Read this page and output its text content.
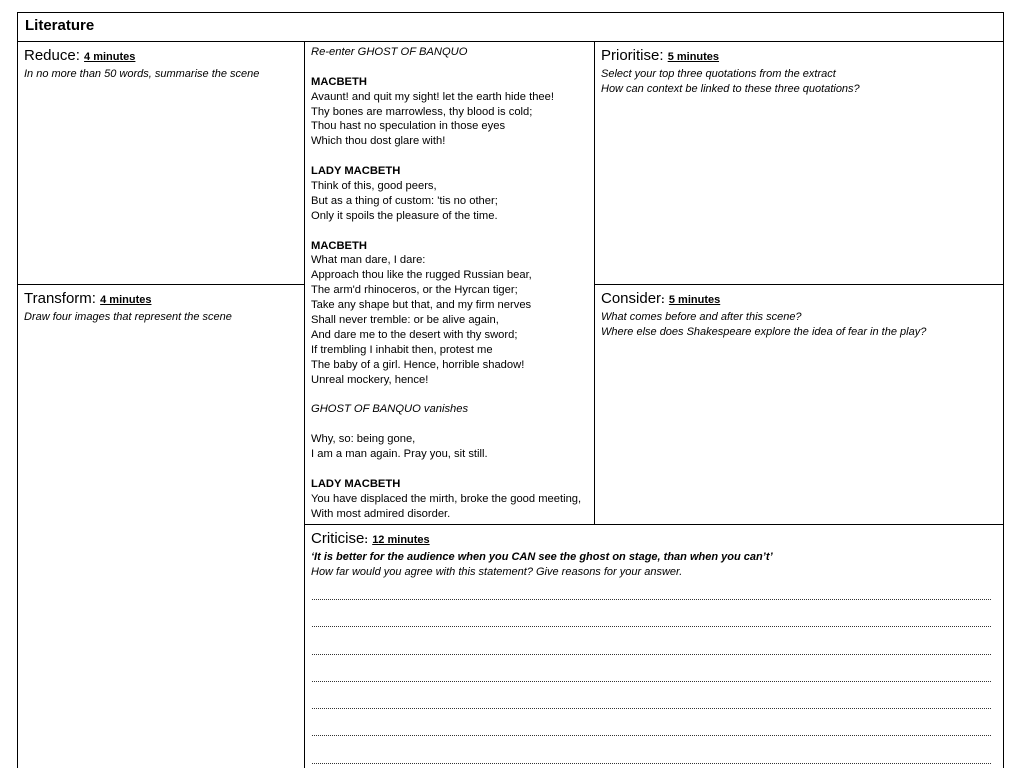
Literature
Reduce: 4 minutes
In no more than 50 words, summarise the scene
Transform: 4 minutes
Draw four images that represent the scene
Re-enter GHOST OF BANQUO
MACBETH
Avaunt! and quit my sight! let the earth hide thee!
Thy bones are marrowless, thy blood is cold;
Thou hast no speculation in those eyes
Which thou dost glare with!
LADY MACBETH
Think of this, good peers,
But as a thing of custom: 'tis no other;
Only it spoils the pleasure of the time.
MACBETH
What man dare, I dare:
Approach thou like the rugged Russian bear,
The arm'd rhinoceros, or the Hyrcan tiger;
Take any shape but that, and my firm nerves
Shall never tremble: or be alive again,
And dare me to the desert with thy sword;
If trembling I inhabit then, protest me
The baby of a girl. Hence, horrible shadow!
Unreal mockery, hence!
GHOST OF BANQUO vanishes
Why, so: being gone,
I am a man again. Pray you, sit still.
LADY MACBETH
You have displaced the mirth, broke the good meeting,
With most admired disorder.
Prioritise: 5 minutes
Select your top three quotations from the extract
How can context be linked to these three quotations?
Consider: 5 minutes
What comes before and after this scene?
Where else does Shakespeare explore the idea of fear in the play?
Criticise: 12 minutes
‘It is better for the audience when you CAN see the ghost on stage, than when you can’t’
How far would you agree with this statement? Give reasons for your answer.
